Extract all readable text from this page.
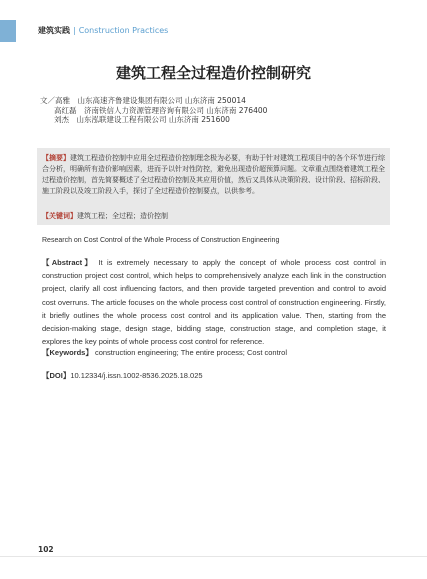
建筑实践 | Construction Practices
建筑工程全过程造价控制研究
文／高雅　山东高速齐鲁建设集团有限公司 山东济南 250014
高红磊　济南铁信人力资源管理咨询有限公司 山东济南 276400
刘杰　山东泓联建设工程有限公司 山东济南 251600
【摘要】建筑工程造价控制中应用全过程造价控制理念极为必要，有助于针对建筑工程项目中的各个环节进行综合分析，明确所有造价影响因素，进而予以针对性防控，避免出现造价超预算问题。文章重点围绕着建筑工程全过程造价控制，首先简要概述了全过程造价控制及其应用价值，然后又具体从决策阶段、设计阶段、招标阶段、施工阶段以及竣工阶段入手，探讨了全过程造价控制要点，以供参考。
【关键词】建筑工程；全过程；造价控制
Research on Cost Control of the Whole Process of Construction Engineering
【Abstract】 It is extremely necessary to apply the concept of whole process cost control in construction project cost control, which helps to comprehensively analyze each link in the construction project, clarify all cost influencing factors, and then provide targeted prevention and control to avoid cost overruns. The article focuses on the whole process cost control of construction engineering. Firstly, it briefly outlines the whole process cost control and its application value. Then, starting from the decision-making stage, design stage, bidding stage, construction stage, and completion stage, it explores the key points of whole process cost control for reference.
【Keywords】 construction engineering; The entire process; Cost control
【DOI】10.12334/j.issn.1002-8536.2025.18.025
102
